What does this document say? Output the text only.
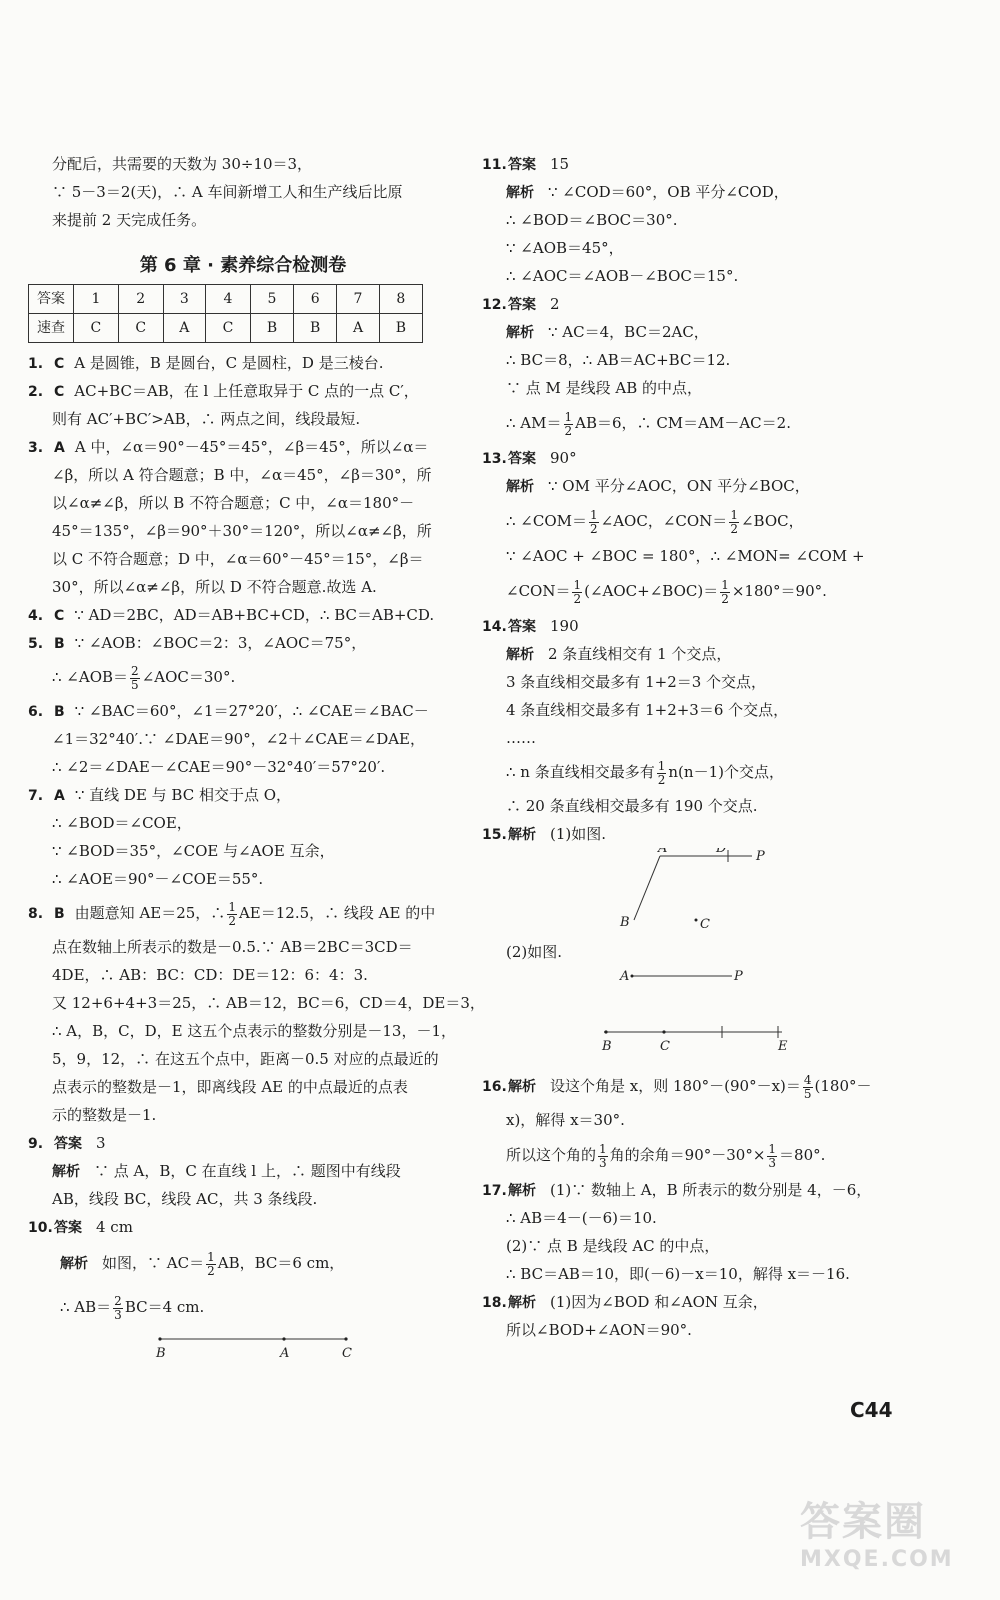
分配后，共需要的天数为 30÷10＝3，
∵ 5－3＝2(天)，∴ A 车间新增工人和生产线后比原
来提前 2 天完成任务。
第 6 章 · 素养综合检测卷
答案	1	2	3	4	5	6	7	8
速查	C	C	A	C	B	B	A	B
1. C A 是圆锥，B 是圆台，C 是圆柱，D 是三棱台.
2. C AC+BC＝AB，在 l 上任意取异于 C 点的一点 C′，
则有 AC′+BC′>AB，∴ 两点之间，线段最短.
3. A A 中，∠α＝90°－45°＝45°，∠β＝45°，所以∠α＝
∠β，所以 A 符合题意；B 中，∠α＝45°，∠β＝30°，所
以∠α≠∠β，所以 B 不符合题意；C 中，∠α＝180°－
45°＝135°，∠β＝90°＋30°＝120°，所以∠α≠∠β，所
以 C 不符合题意；D 中，∠α＝60°－45°＝15°，∠β＝
30°，所以∠α≠∠β，所以 D 不符合题意.故选 A.
4. C ∵ AD＝2BC，AD＝AB+BC+CD，∴ BC＝AB+CD.
5. B ∵ ∠AOB：∠BOC＝2：3，∠AOC＝75°，
∴ ∠AOB＝ $\frac{2}{5}$ ∠AOC＝30°.
6. B ∵ ∠BAC＝60°，∠1＝27°20′，∴ ∠CAE＝∠BAC－
∠1＝32°40′.∵ ∠DAE＝90°，∠2＋∠CAE＝∠DAE，
∴ ∠2＝∠DAE－∠CAE＝90°－32°40′＝57°20′.
7. A ∵ 直线 DE 与 BC 相交于点 O，
∴ ∠BOD＝∠COE，
∵ ∠BOD＝35°，∠COE 与∠AOE 互余，
∴ ∠AOE＝90°－∠COE＝55°.
8. B 由题意知 AE＝25，∴ $\frac{1}{2} AE=12.5$，∴ 线段 AE 的中
点在数轴上所表示的数是－0.5.∵ AB＝2BC＝3CD＝
4DE，∴ AB：BC：CD：DE＝12：6：4：3.
又 12+6+4+3＝25，∴ AB＝12，BC＝6，CD＝4，DE＝3，
∴ A，B，C，D，E 这五个点表示的整数分别是－13，－1，
5，9，12，∴ 在这五个点中，距离－0.5 对应的点最近的
点表示的整数是－1，即离线段 AE 的中点最近的点表
示的整数是－1.
9. 答案 3
解析 ∵ 点 A，B，C 在直线 l 上，∴ 题图中有线段
AB，线段 BC，线段 AC，共 3 条线段.
10.答案 4 cm
解析 如图，∵ $AC= \frac{1}{2}$ AB，BC＝6 cm，
∴ $AB= \frac{2}{3} BC=4$ cm.
B	A	C
11.答案 15
解析 ∵ ∠COD＝60°，OB 平分∠COD，
∴ ∠BOD＝∠BOC＝30°.
∵ ∠AOB＝45°，
∴ ∠AOC＝∠AOB－∠BOC＝15°.
12.答案 2
解析 ∵ AC＝4，BC＝2AC，
∴ BC＝8，∴ AB＝AC+BC＝12.
∵ 点 M 是线段 AB 的中点，
∴ $AM= \frac{1}{2} AB=6$，∴ CM＝AM－AC＝2.
13.答案 90°
解析 ∵ OM 平分∠AOC，ON 平分∠BOC，
∴ ∠COM＝ $\frac{1}{2}$ ∠AOC，∠CON＝ $\frac{1}{2}$ ∠BOC，
∵ ∠AOC + ∠BOC = 180°，∴ ∠MON= ∠COM +
∠CON＝ $\frac{1}{2}$ (∠AOC+∠BOC)＝ $\frac{1}{2} \times 180^\circ=90^\circ$.
14.答案 190
解析 2 条直线相交有 1 个交点，
3 条直线相交最多有 1+2＝3 个交点，
4 条直线相交最多有 1+2+3＝6 个交点，
……
∴ n 条直线相交最多有 $\frac{1}{2} n(n-1)$个交点，
∴ 20 条直线相交最多有 190 个交点.
15.解析 (1)如图.
A	D
P
B	C
(2)如图.
A	P
B	C	E
16.解析 设这个角是 x，则 $180^\circ-(90^\circ-x)= \frac{4}{5} (180^\circ-$
x)，解得 x＝30°.
所以这个角的 $\frac{1}{3}$ 角的余角$=90^\circ-30^\circ\times \frac{1}{3} =80^\circ$.
17.解析 (1)∵ 数轴上 A，B 所表示的数分别是 4，－6，
∴ AB＝4－(－6)＝10.
(2)∵ 点 B 是线段 AC 的中点，
∴ BC＝AB＝10，即(－6)－x＝10，解得 x＝－16.
18.解析 (1)因为∠BOD 和∠AON 互余，
所以∠BOD+∠AON＝90°.
C44
答案圈
MXQE.COM
